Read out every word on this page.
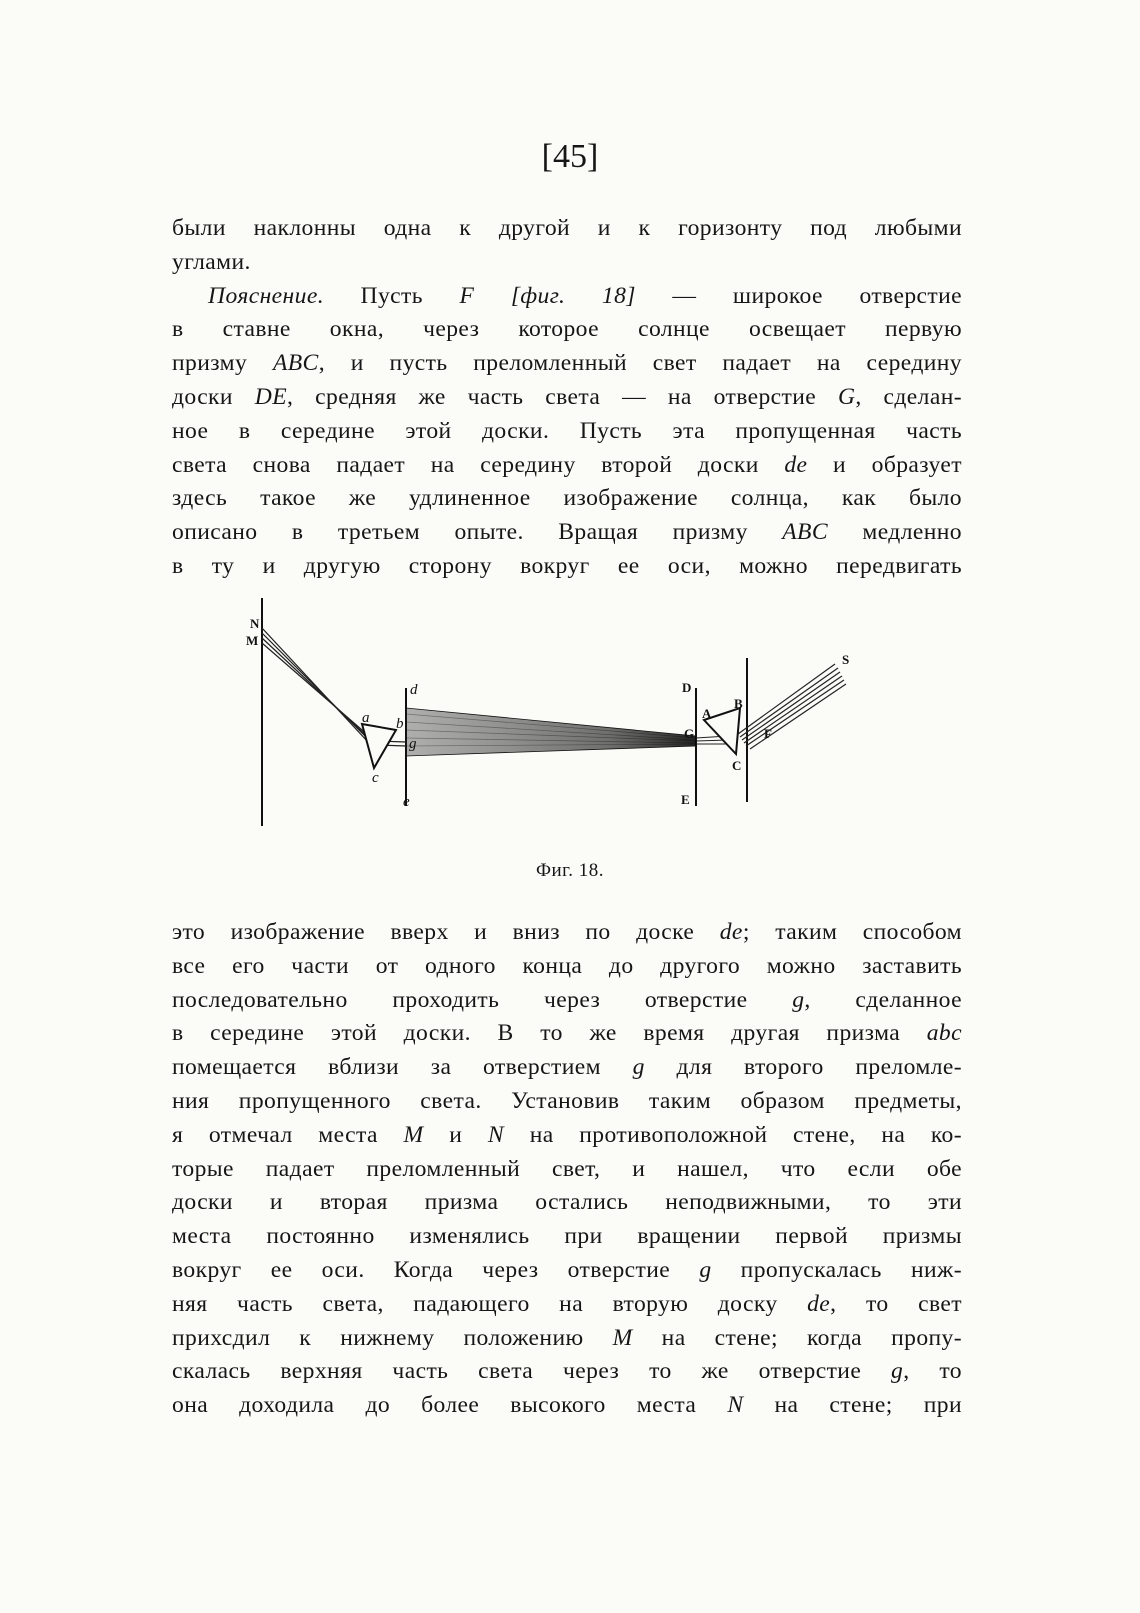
[45]
были наклонны одна к другой и к горизонту под любыми
углами.
Пояснение. Пусть F [фиг. 18] — широкое отверстие
в ставне окна, через которое солнце освещает первую
призму ABC, и пусть преломленный свет падает на середину
доски DE, средняя же часть света — на отверстие G, сделан-
ное в середине этой доски. Пусть эта пропущенная часть
света снова падает на середину второй доски de и образует
здесь такое же удлиненное изображение солнца, как было
описано в третьем опыте. Вращая призму ABC медленно
в ту и другую сторону вокруг ее оси, можно передвигать
N
M
a b
g
c
d
e
D
E
G
A
B
C
F
S
Фиг. 18.
это изображение вверх и вниз по доске de; таким способом
все его части от одного конца до другого можно заставить
последовательно проходить через отверстие g, сделанное
в середине этой доски. В то же время другая призма abc
помещается вблизи за отверстием g для второго преломле-
ния пропущенного света. Установив таким образом предметы,
я отмечал места M и N на противоположной стене, на ко-
торые падает преломленный свет, и нашел, что если обе
доски и вторая призма остались неподвижными, то эти
места постоянно изменялись при вращении первой призмы
вокруг ее оси. Когда через отверстие g пропускалась ниж-
няя часть света, падающего на вторую доску de, то свет
прихсдил к нижнему положению M на стене; когда пропу-
скалась верхняя часть света через то же отверстие g, то
она доходила до более высокого места N на стене; при
